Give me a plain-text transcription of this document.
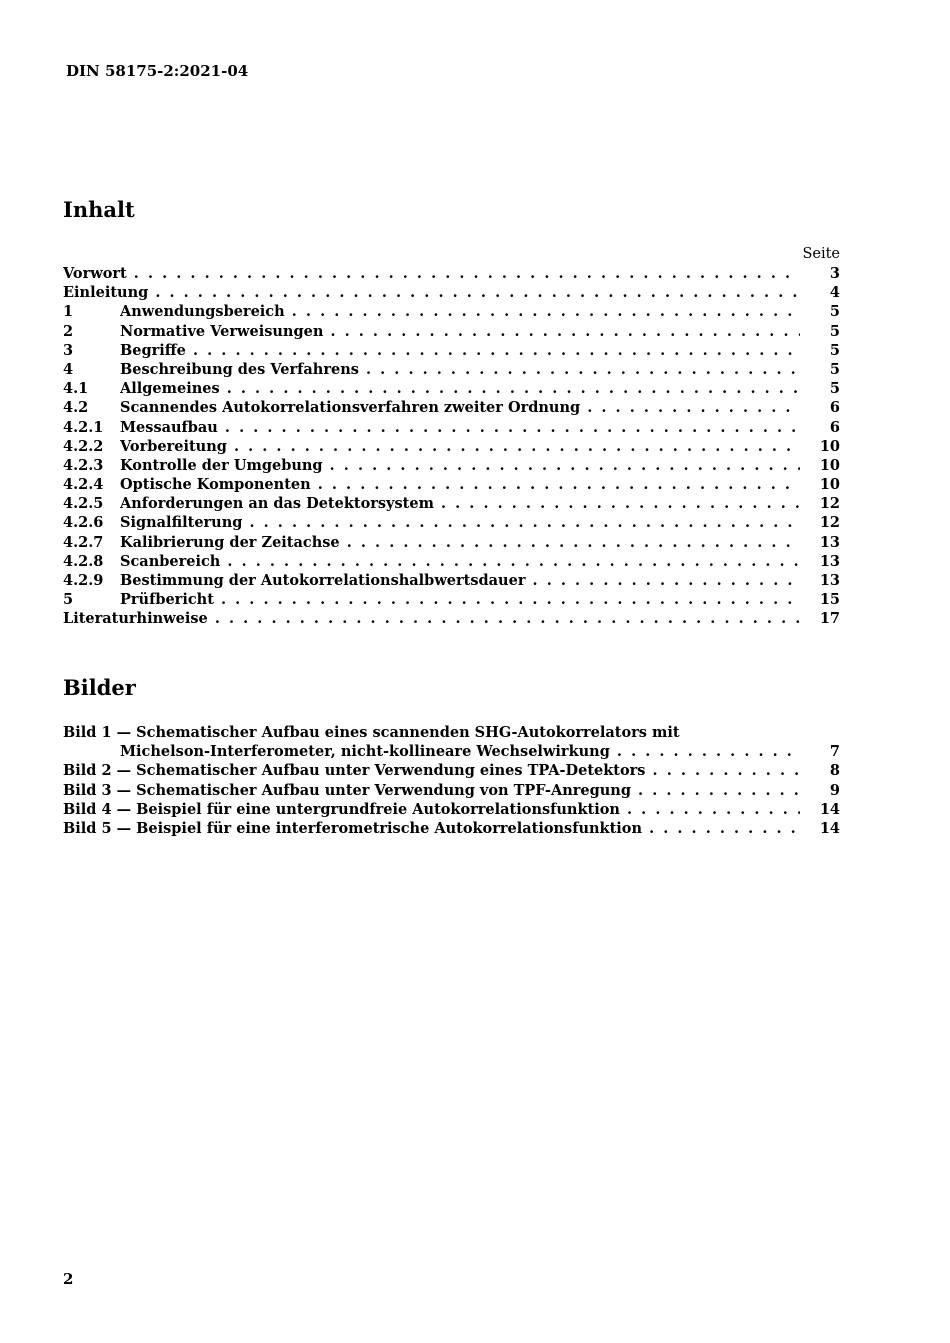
DIN 58175-2:2021-04
Inhalt
Seite
Vorwort . . .	3
Einleitung . . .	4
1	Anwendungsbereich . . .	5
2	Normative Verweisungen . . .	5
3	Begriffe . . .	5
4	Beschreibung des Verfahrens . . .	5
4.1 Allgemeines . . .	5
4.2 Scannendes Autokorrelationsverfahren zweiter Ordnung . . .	6
4.2.1 Messaufbau . . .	6
4.2.2 Vorbereitung . . .	10
4.2.3 Kontrolle der Umgebung . . .	10
4.2.4 Optische Komponenten . . .	10
4.2.5 Anforderungen an das Detektorsystem . . .	12
4.2.6 Signalfilterung . . .	12
4.2.7 Kalibrierung der Zeitachse . . .	13
4.2.8 Scanbereich . . .	13
4.2.9 Bestimmung der Autokorrelationshalbwertsdauer . . .	13
5	Prüfbericht . . .	15
Literaturhinweise . . .	17
Bilder
Bild 1 — Schematischer Aufbau eines scannenden SHG-Autokorrelators mit
Michelson-Interferometer, nicht-kollineare Wechselwirkung . . .	7
Bild 2 — Schematischer Aufbau unter Verwendung eines TPA-Detektors . . .	8
Bild 3 — Schematischer Aufbau unter Verwendung von TPF-Anregung . . .	9
Bild 4 — Beispiel für eine untergrundfreie Autokorrelationsfunktion . . .	14
Bild 5 — Beispiel für eine interferometrische Autokorrelationsfunktion . . .	14
2
